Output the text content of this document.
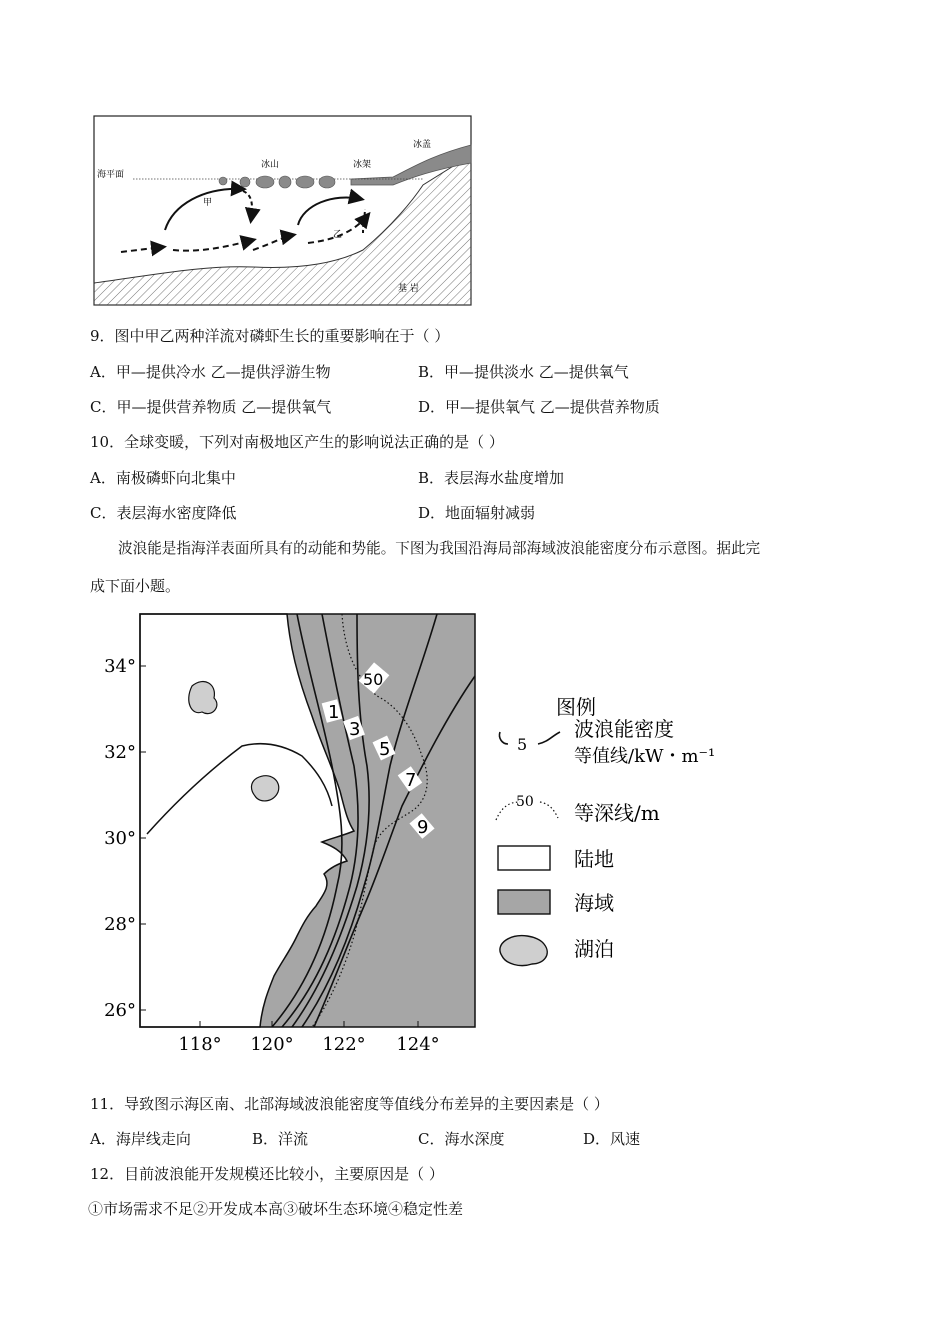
海平面
冰山	冰架
冰盖
甲
乙
基 岩
9．图中甲乙两种洋流对磷虾生长的重要影响在于（ ）
A．甲—提供冷水 乙—提供浮游生物	B．甲—提供淡水 乙—提供氧气
C．甲—提供营养物质 乙—提供氧气	D．甲—提供氧气 乙—提供营养物质
10．全球变暖，下列对南极地区产生的影响说法正确的是（ ）
A．南极磷虾向北集中	B．表层海水盐度增加
C．表层海水密度降低	D．地面辐射减弱
波浪能是指海洋表面所具有的动能和势能。下图为我国沿海局部海域波浪能密度分布示意图。据此完
成下面小题。
1
3
5
7
9
50
34°
32°
30°
28°
26°
118° 120° 122° 124°
图例
5
波浪能密度
等值线/kW・m⁻¹
50 等深线/m
陆地
海域
湖泊
11．导致图示海区南、北部海域波浪能密度等值线分布差异的主要因素是（ ）
A．海岸线走向	B．洋流	C．海水深度	D．风速
12．目前波浪能开发规模还比较小，主要原因是（ ）
①市场需求不足②开发成本高③破坏生态环境④稳定性差
